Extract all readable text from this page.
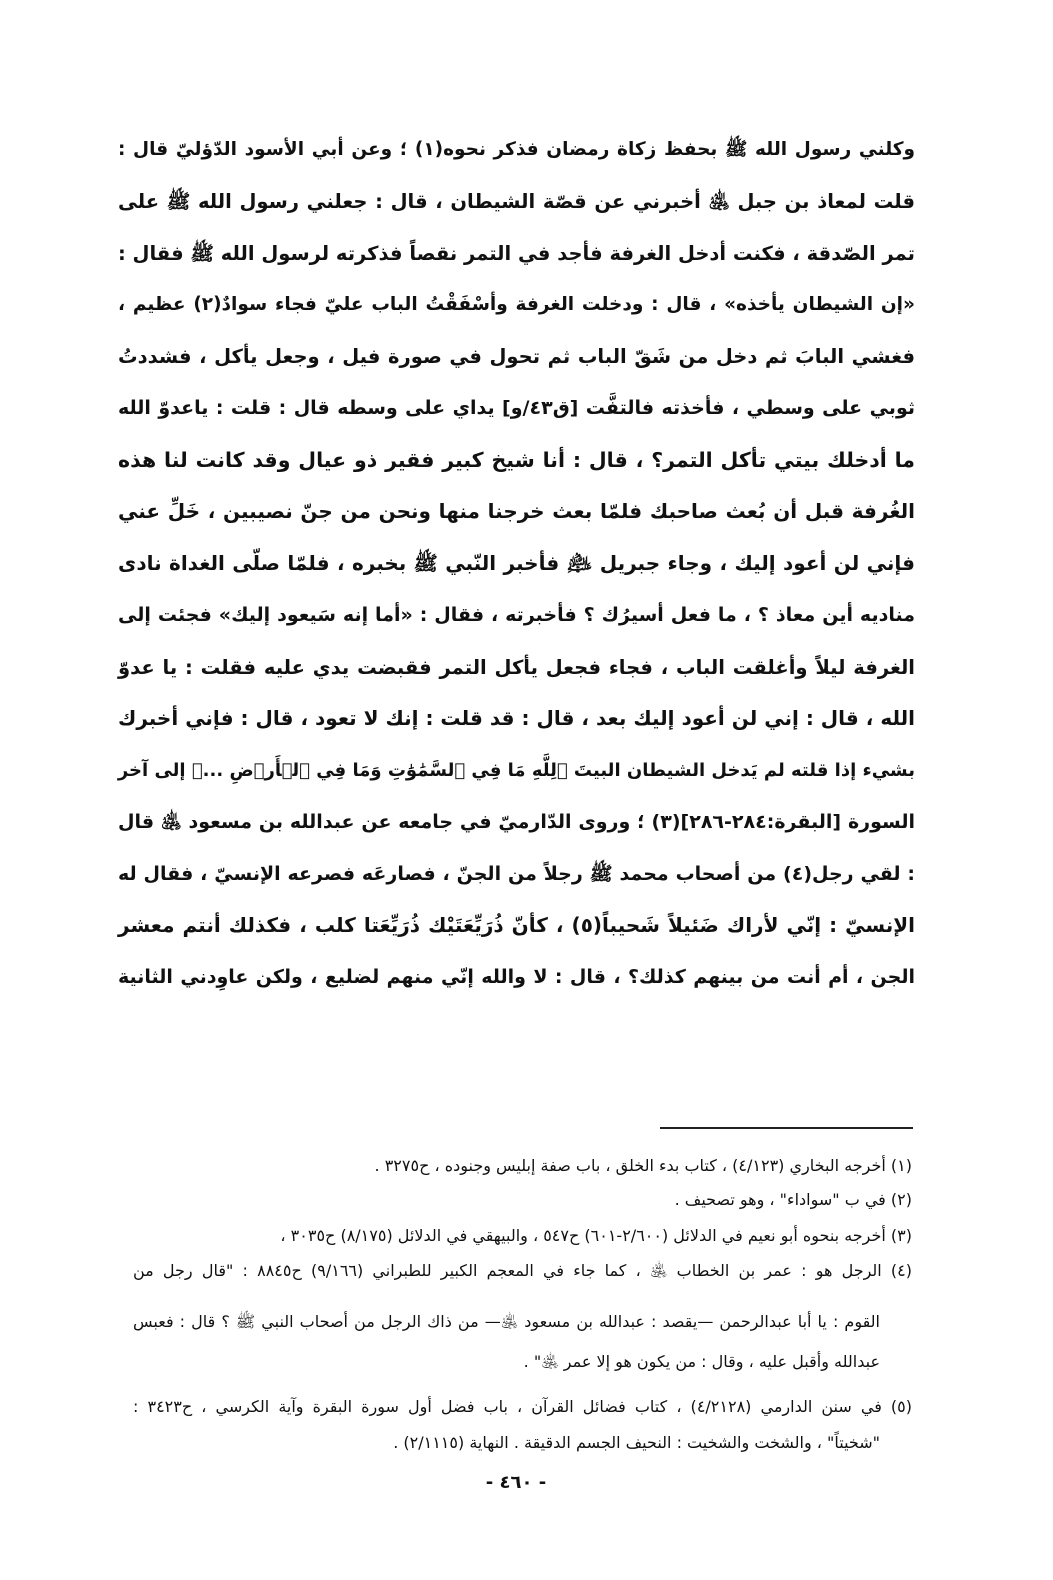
وكلني رسول الله ﷺ بحفظ زكاة رمضان فذكر نحوه(١) ؛ وعن أبي الأسود الدّؤليّ قال :
قلت لمعاذ بن جبل ﵁ أخبرني عن قصّة الشيطان ، قال : جعلني رسول الله ﷺ على
تمر الصّدقة ، فكنت أدخل الغرفة فأجد في التمر نقصاً فذكرته لرسول الله ﷺ فقال :
«إن الشيطان يأخذه» ، قال : ودخلت الغرفة وأسْفَقْتُ الباب عليّ فجاء سوادٌ(٢) عظيم ،
فغشي البابَ ثم دخل من شَقّ الباب ثم تحول في صورة فيل ، وجعل يأكل ، فشددتُ
ثوبي على وسطي ، فأخذته فالتفَّت [ق٤٣/و] يداي على وسطه قال : قلت : ياعدوّ الله
ما أدخلك بيتي تأكل التمر؟ ، قال : أنا شيخ كبير فقير ذو عيال وقد كانت لنا هذه
الغُرفة قبل أن بُعث صاحبك فلمّا بعث خرجنا منها ونحن من جنّ نصيبين ، خَلِّ عني
فإني لن أعود إليك ، وجاء جبريل ﵇ فأخبر النّبي ﷺ بخبره ، فلمّا صلّى الغداة نادى
مناديه أين معاذ ؟ ، ما فعل أسيرُك ؟ فأخبرته ، فقال : «أما إنه سَيعود إليك» فجئت إلى
الغرفة ليلاً وأغلقت الباب ، فجاء فجعل يأكل التمر فقبضت يدي عليه فقلت : يا عدوّ
الله ، قال : إني لن أعود إليك بعد ، قال : قد قلت : إنك لا تعود ، قال : فإني أخبرك
بشيء إذا قلته لم يَدخل الشيطان البيتَ ﴿لِلَّهِ مَا فِي ٱلسَّمَٰوَٰتِ وَمَا فِي ٱلۡأَرۡضِ ...﴾ إلى آخر
السورة [البقرة:٢٨٤-٢٨٦](٣) ؛ وروى الدّارميّ في جامعه عن عبدالله بن مسعود ﵁ قال
: لقي رجل(٤) من أصحاب محمد ﷺ رجلاً من الجنّ ، فصارعَه فصرعه الإنسيّ ، فقال له
الإنسيّ : إنّي لأراك ضَئيلاً شَحيباً(٥) ، كأنّ ذُرَيِّعَتَيْك ذُرَيِّعَتا كلب ، فكذلك أنتم معشر
الجن ، أم أنت من بينهم كذلك؟ ، قال : لا والله إنّي منهم لضليع ، ولكن عاوِدني الثانية
(١) أخرجه البخاري (٤/١٢٣) ، كتاب بدء الخلق ، باب صفة إبليس وجنوده ، ح٣٢٧٥ .
(٢) في ب "سواداء" ، وهو تصحيف .
(٣) أخرجه بنحوه أبو نعيم في الدلائل (٢/٦٠٠-٦٠١) ح٥٤٧ ، والبيهقي في الدلائل (٨/١٧٥) ح٣٠٣٥ ،
(٤) الرجل هو : عمر بن الخطاب ﵁ ، كما جاء في المعجم الكبير للطبراني (٩/١٦٦) ح٨٨٤٥ : "قال رجل من
القوم : يا أبا عبدالرحمن —يقصد : عبدالله بن مسعود ﵁— من ذاك الرجل من أصحاب النبي ﷺ ؟ قال : فعبس
عبدالله وأقبل عليه ، وقال : من يكون هو إلا عمر ﵁" .
(٥) في سنن الدارمي (٤/٢١٢٨) ، كتاب فضائل القرآن ، باب فضل أول سورة البقرة وآية الكرسي ، ح٣٤٢٣ :
"شخيتاً" ، والشخت والشخيت : النحيف الجسم الدقيقة . النهاية (٢/١١١٥) .
- ٤٦٠ -
